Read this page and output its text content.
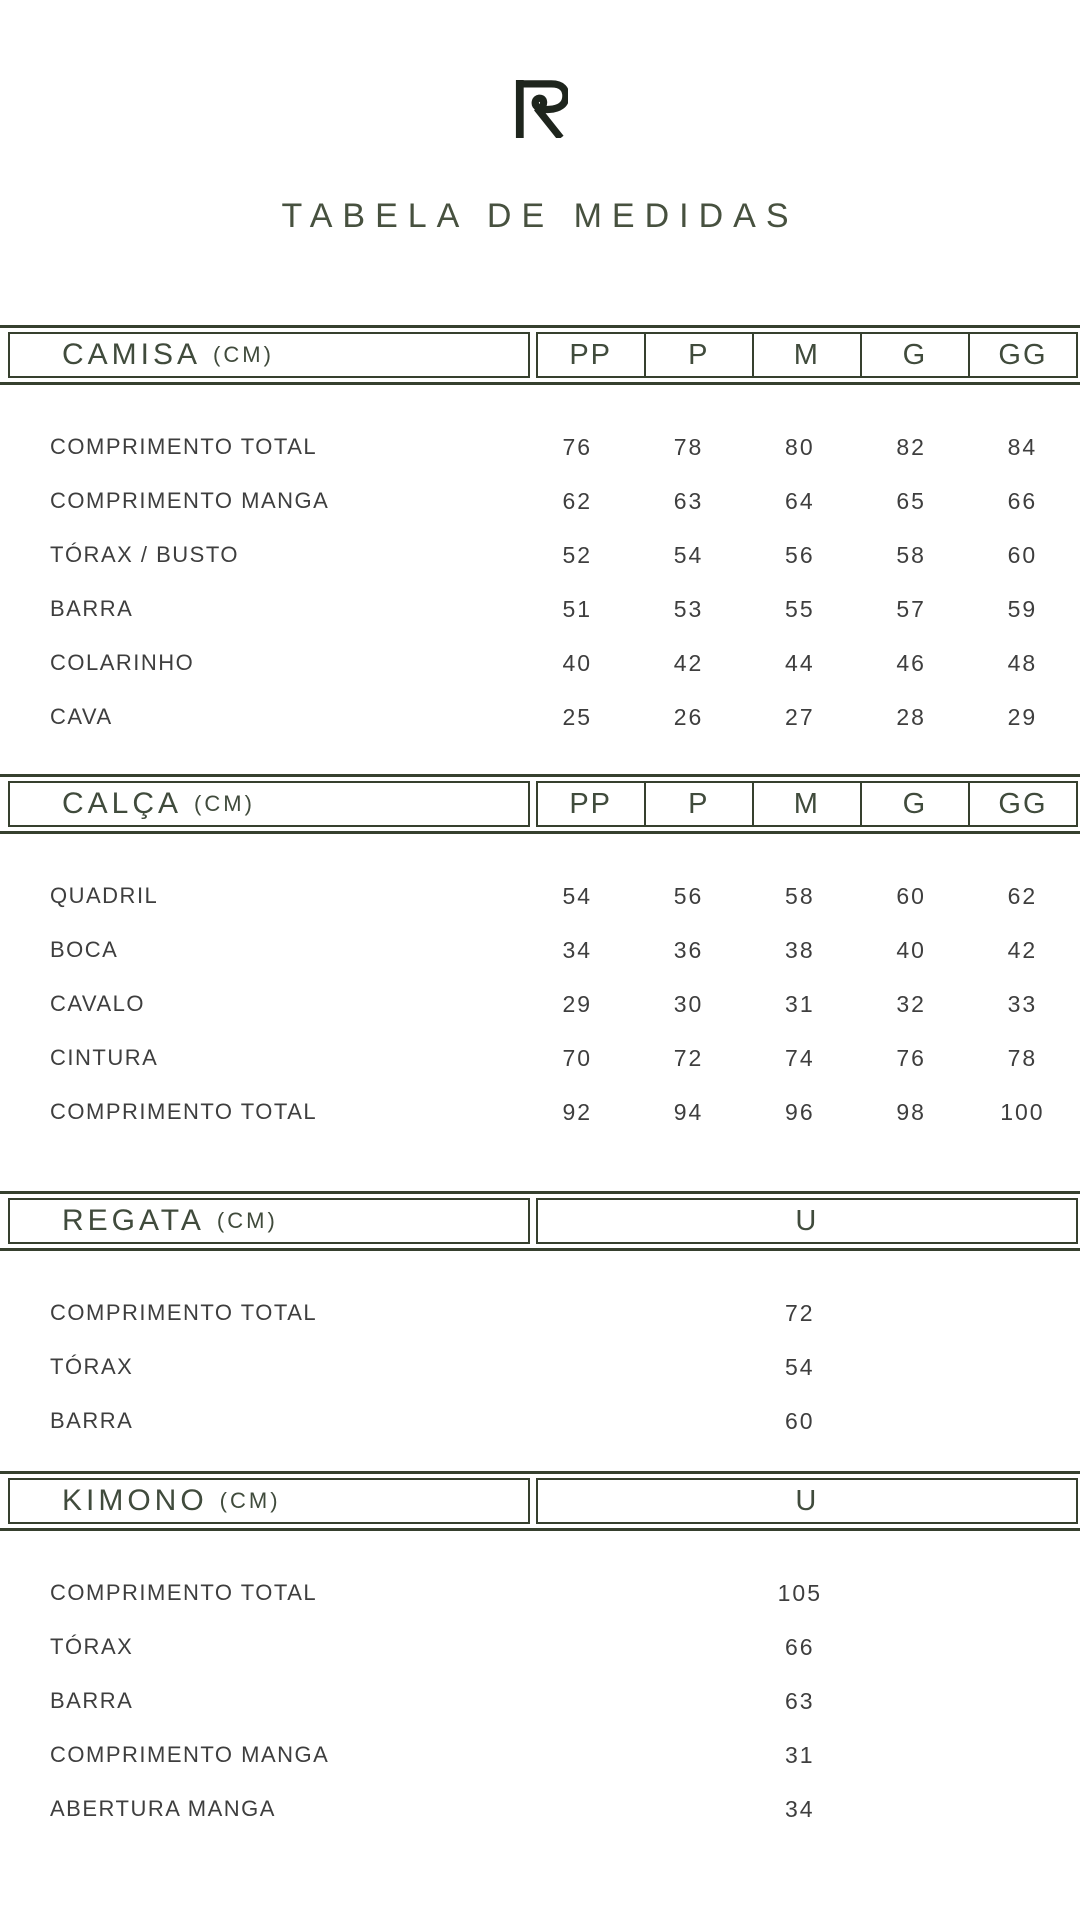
TABELA DE MEDIDAS
CAMISA (CM)	PP	P	M	G	GG
COMPRIMENTO TOTAL	76	78	80	82	84
COMPRIMENTO MANGA	62	63	64	65	66
TÓRAX / BUSTO	52	54	56	58	60
BARRA	51	53	55	57	59
COLARINHO	40	42	44	46	48
CAVA	25	26	27	28	29
CALÇA (CM)	PP	P	M	G	GG
QUADRIL	54	56	58	60	62
BOCA	34	36	38	40	42
CAVALO	29	30	31	32	33
CINTURA	70	72	74	76	78
COMPRIMENTO TOTAL	92	94	96	98	100
REGATA (CM)	U
COMPRIMENTO TOTAL	72
TÓRAX	54
BARRA	60
KIMONO (CM)	U
COMPRIMENTO TOTAL	105
TÓRAX	66
BARRA	63
COMPRIMENTO MANGA	31
ABERTURA MANGA	34
